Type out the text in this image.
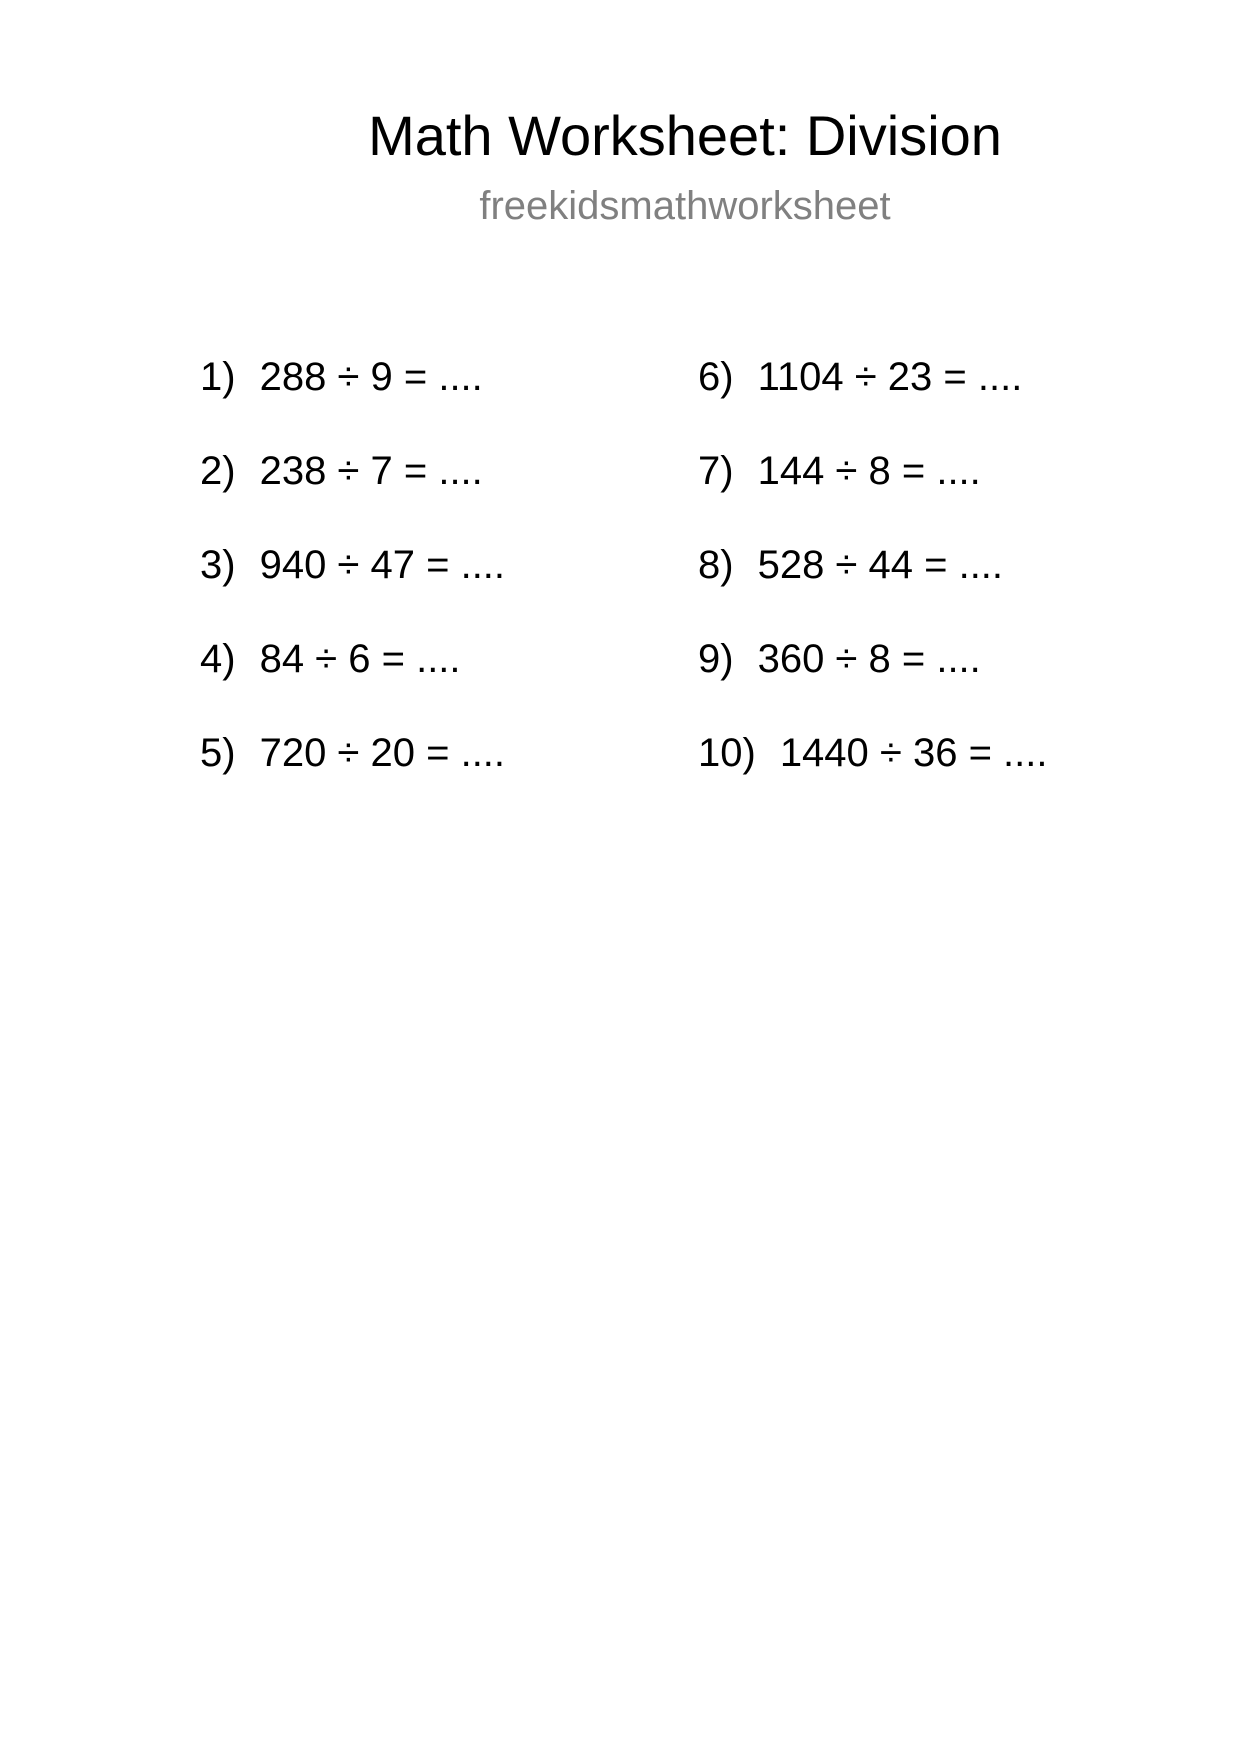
Math Worksheet: Division
freekidsmathworksheet
1) 288 ÷ 9 = ....
2) 238 ÷ 7 = ....
3) 940 ÷ 47 = ....
4) 84 ÷ 6 = ....
5) 720 ÷ 20 = ....
6) 1104 ÷ 23 = ....
7) 144 ÷ 8 = ....
8) 528 ÷ 44 = ....
9) 360 ÷ 8 = ....
10) 1440 ÷ 36 = ....
